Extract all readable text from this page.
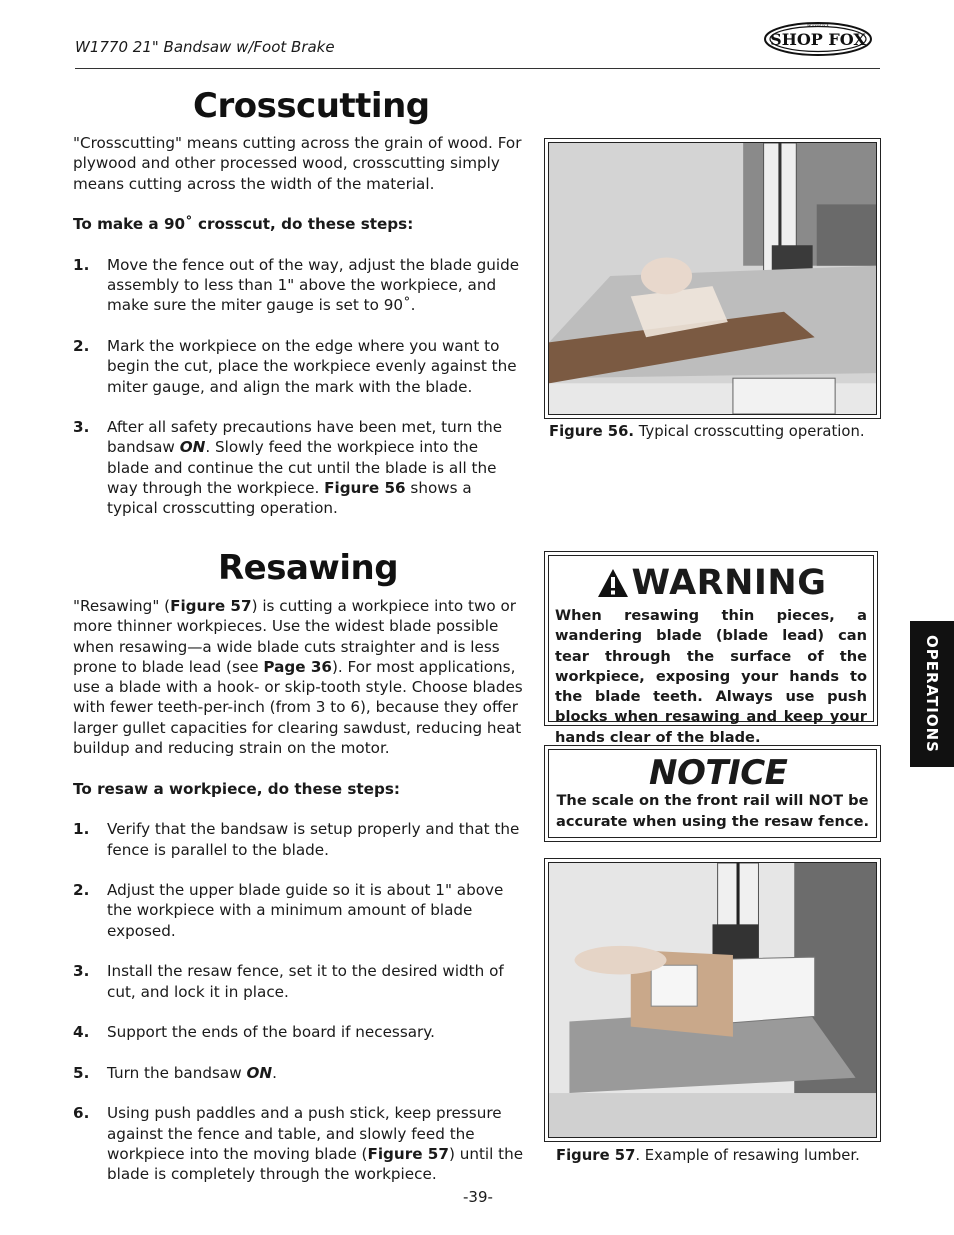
W1770 21" Bandsaw w/Foot Brake	SHOP FOX
WOODSTOCK
Crosscutting

"Crosscutting" means cutting across the grain of wood. For plywood and other processed wood, crosscutting simply means cutting across the width of the material.

To make a 90˚ crosscut, do these steps:

1.	Move the fence out of the way, adjust the blade guide assembly to less than 1" above the workpiece, and make sure the miter gauge is set to 90˚.
2.	Mark the workpiece on the edge where you want to begin the cut, place the workpiece evenly against the miter gauge, and align the mark with the blade.
3.	After all safety precautions have been met, turn the bandsaw ON. Slowly feed the workpiece into the blade and continue the cut until the blade is all the way through the workpiece. Figure 56 shows a typical crosscutting operation.
Figure 56. Typical crosscutting operation.
Resawing

"Resawing" (Figure 57) is cutting a workpiece into two or more thinner workpieces. Use the widest blade possible when resawing—a wide blade cuts straighter and is less prone to blade lead (see Page 36). For most applications, use a blade with a hook- or skip-tooth style. Choose blades with fewer teeth-per-inch (from 3 to 6), because they offer larger gullet capacities for clearing sawdust, reducing heat buildup and reducing strain on the motor.

To resaw a workpiece, do these steps:

1.	Verify that the bandsaw is setup properly and that the fence is parallel to the blade.
2.	Adjust the upper blade guide so it is about 1" above the workpiece with a minimum amount of blade exposed.
3.	Install the resaw fence, set it to the desired width of cut, and lock it in place.
4.	Support the ends of the board if necessary.
5.	Turn the bandsaw ON.
6.	Using push paddles and a push stick, keep pressure against the fence and table, and slowly feed the workpiece into the moving blade (Figure 57) until the blade is completely through the workpiece.
WARNING
When resawing thin pieces, a wandering blade (blade lead) can tear through the surface of the workpiece, exposing your hands to the blade teeth. Always use push blocks when resawing and keep your hands clear of the blade.
NOTICE
The scale on the front rail will NOT be accurate when using the resaw fence.
Figure 57. Example of resawing lumber.
OPERATIONS
-39-
